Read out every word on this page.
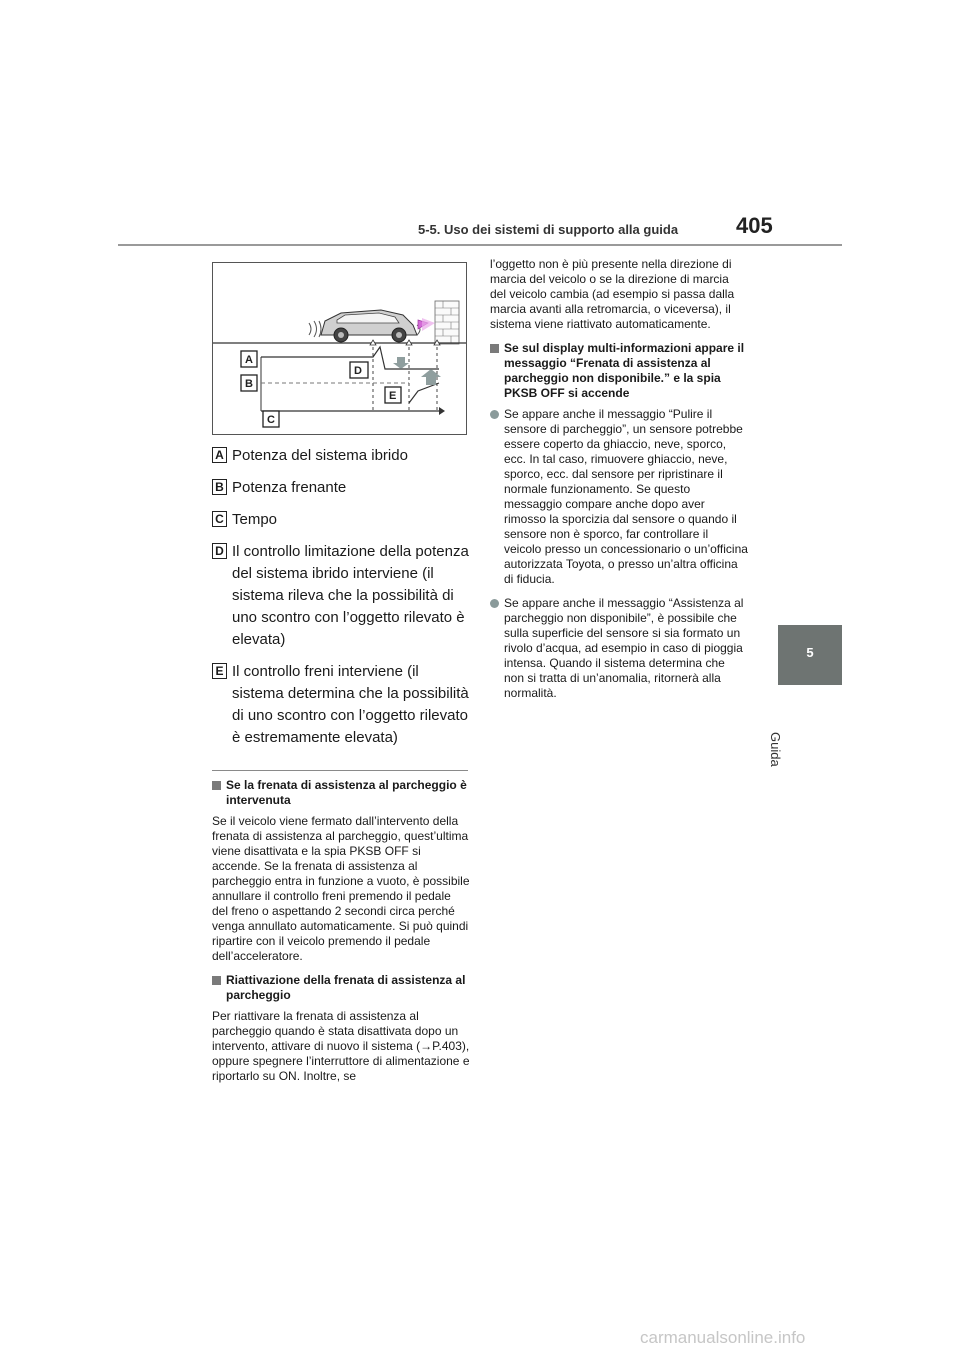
5-5. Uso dei sistemi di supporto alla guida	405
5
Guida
A
B
C
D
E
A Potenza del sistema ibrido
B Potenza frenante
C Tempo
D Il controllo limitazione della potenza del sistema ibrido interviene (il sistema rileva che la possibilità di uno scontro con l’oggetto rilevato è elevata)
E Il controllo freni interviene (il sistema determina che la possibilità di uno scontro con l’oggetto rilevato è estremamente elevata)
Se la frenata di assistenza al parcheggio è intervenuta
Se il veicolo viene fermato dall’intervento della frenata di assistenza al parcheggio, quest’ultima viene disattivata e la spia PKSB OFF si accende. Se la frenata di assistenza al parcheggio entra in funzione a vuoto, è possibile annullare il controllo freni premendo il pedale del freno o aspettando 2 secondi circa perché venga annullato automaticamente. Si può quindi ripartire con il veicolo premendo il pedale dell’acceleratore.
Riattivazione della frenata di assistenza al parcheggio
Per riattivare la frenata di assistenza al parcheggio quando è stata disattivata dopo un intervento, attivare di nuovo il sistema (→P.403), oppure spegnere l’interruttore di alimentazione e riportarlo su ON. Inoltre, se
l’oggetto non è più presente nella direzione di marcia del veicolo o se la direzione di marcia del veicolo cambia (ad esempio si passa dalla marcia avanti alla retromarcia, o viceversa), il sistema viene riattivato automaticamente.
Se sul display multi-informazioni appare il messaggio “Frenata di assistenza al parcheggio non disponibile.” e la spia PKSB OFF si accende
Se appare anche il messaggio “Pulire il sensore di parcheggio”, un sensore potrebbe essere coperto da ghiaccio, neve, sporco, ecc. In tal caso, rimuovere ghiaccio, neve, sporco, ecc. dal sensore per ripristinare il normale funzionamento. Se questo messaggio compare anche dopo aver rimosso la sporcizia dal sensore o quando il sensore non è sporco, far controllare il veicolo presso un concessionario o un’officina autorizzata Toyota, o presso un’altra officina di fiducia.
Se appare anche il messaggio “Assistenza al parcheggio non disponibile”, è possibile che sulla superficie del sensore si sia formato un rivolo d’acqua, ad esempio in caso di pioggia intensa. Quando il sistema determina che non si tratta di un’anomalia, ritornerà alla normalità.
carmanualsonline.info
